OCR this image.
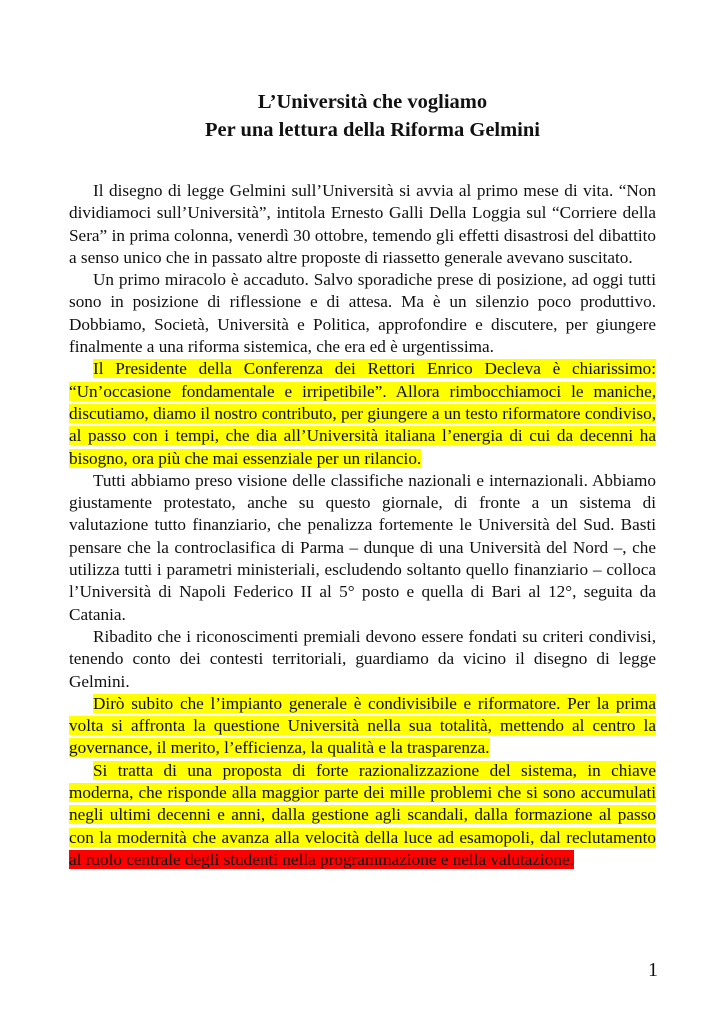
L’Università che vogliamo
Per una lettura della Riforma Gelmini

Il disegno di legge Gelmini sull’Università si avvia al primo mese di vita. “Non dividiamoci sull’Università”, intitola Ernesto Galli Della Loggia sul “Corriere della Sera” in prima colonna, venerdì 30 ottobre, temendo gli effetti disastrosi del dibattito a senso unico che in passato altre proposte di riassetto generale avevano suscitato.

Un primo miracolo è accaduto. Salvo sporadiche prese di posizione, ad oggi tutti sono in posizione di riflessione e di attesa. Ma è un silenzio poco produttivo. Dobbiamo, Società, Università e Politica, approfondire e discutere, per giungere finalmente a una riforma sistemica, che era ed è urgentissima.

Il Presidente della Conferenza dei Rettori Enrico Decleva è chiarissimo: “Un’occasione fondamentale e irripetibile”. Allora rimbocchiamoci le maniche, discutiamo, diamo il nostro contributo, per giungere a un testo riformatore condiviso, al passo con i tempi, che dia all’Università italiana l’energia di cui da decenni ha bisogno, ora più che mai essenziale per un rilancio.

Tutti abbiamo preso visione delle classifiche nazionali e internazionali. Abbiamo giustamente protestato, anche su questo giornale, di fronte a un sistema di valutazione tutto finanziario, che penalizza fortemente le Università del Sud. Basti pensare che la controclasifica di Parma – dunque di una Università del Nord –, che utilizza tutti i parametri ministeriali, escludendo soltanto quello finanziario – colloca l’Università di Napoli Federico II al 5° posto e quella di Bari al 12°, seguita da Catania.

Ribadito che i riconoscimenti premiali devono essere fondati su criteri condivisi, tenendo conto dei contesti territoriali, guardiamo da vicino il disegno di legge Gelmini.

Dirò subito che l’impianto generale è condivisibile e riformatore. Per la prima volta si affronta la questione Università nella sua totalità, mettendo al centro la governance, il merito, l’efficienza, la qualità e la trasparenza.

Si tratta di una proposta di forte razionalizzazione del sistema, in chiave moderna, che risponde alla maggior parte dei mille problemi che si sono accumulati negli ultimi decenni e anni, dalla gestione agli scandali, dalla formazione al passo con la modernità che avanza alla velocità della luce ad esamopoli, dal reclutamento al ruolo centrale degli studenti nella programmazione e nella valutazione.

1
